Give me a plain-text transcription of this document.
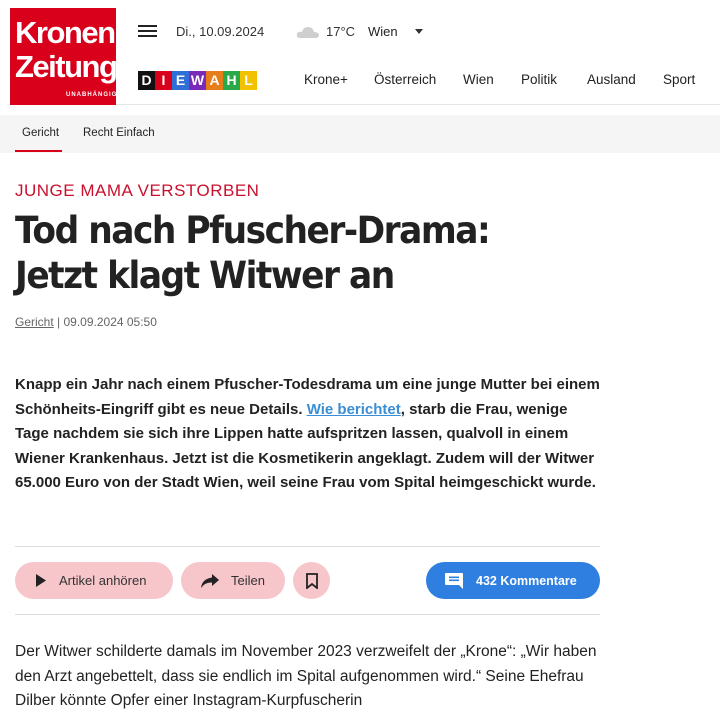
Kronen
Zeitung
UNABHÄNGIG
Di., 10.09.2024	17°C Wien
D I E W A H L	Krone+ Österreich Wien Politik Ausland Sport
Gericht Recht Einfach
JUNGE MAMA VERSTORBEN
Tod nach Pfuscher-Drama: Jetzt klagt Witwer an
Gericht | 09.09.2024 05:50

Knapp ein Jahr nach einem Pfuscher-Todesdrama um eine junge Mutter bei einem Schönheits-Eingriff gibt es neue Details. Wie berichtet, starb die Frau, wenige Tage nachdem sie sich ihre Lippen hatte aufspritzen lassen, qualvoll in einem Wiener Krankenhaus. Jetzt ist die Kosmetikerin angeklagt. Zudem will der Witwer 65.000 Euro von der Stadt Wien, weil seine Frau vom Spital heimgeschickt wurde.

Artikel anhören	Teilen	432 Kommentare

Der Witwer schilderte damals im November 2023 verzweifelt der „Krone“: „Wir haben den Arzt angebettelt, dass sie endlich im Spital aufgenommen wird.“ Seine Ehefrau Dilber könnte Opfer einer Instagram-Kurpfuscherin
